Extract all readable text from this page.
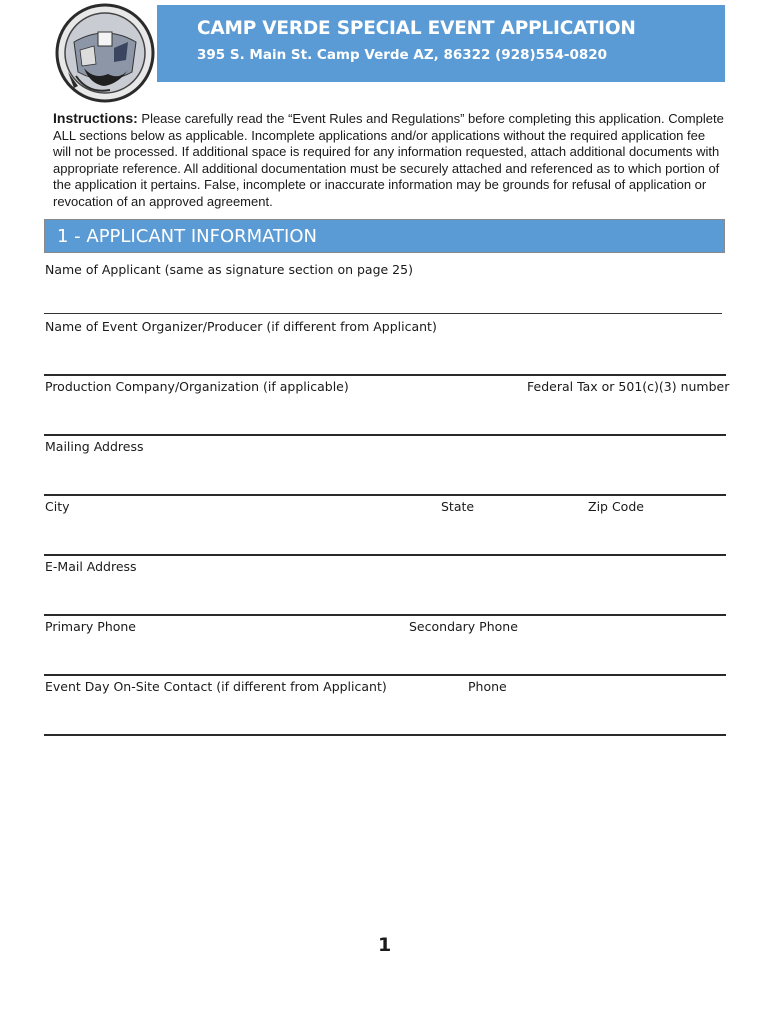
CAMP VERDE SPECIAL EVENT APPLICATION
395 S. Main St. Camp Verde AZ, 86322 (928)554-0820
Instructions: Please carefully read the “Event Rules and Regulations” before completing this application. Complete ALL sections below as applicable. Incomplete applications and/or applications without the required application fee will not be processed. If additional space is required for any information requested, attach additional documents with appropriate reference. All additional documentation must be securely attached and referenced as to which portion of the application it pertains. False, incomplete or inaccurate information may be grounds for refusal of application or revocation of an approved agreement.
1 - APPLICANT INFORMATION
Name of Applicant (same as signature section on page 25)
Name of Event Organizer/Producer (if different from Applicant)
Production Company/Organization (if applicable)	Federal Tax or 501(c)(3) number
Mailing Address
City	State	Zip Code
E-Mail Address
Primary Phone	Secondary Phone
Event Day On-Site Contact (if different from Applicant)	Phone
1
